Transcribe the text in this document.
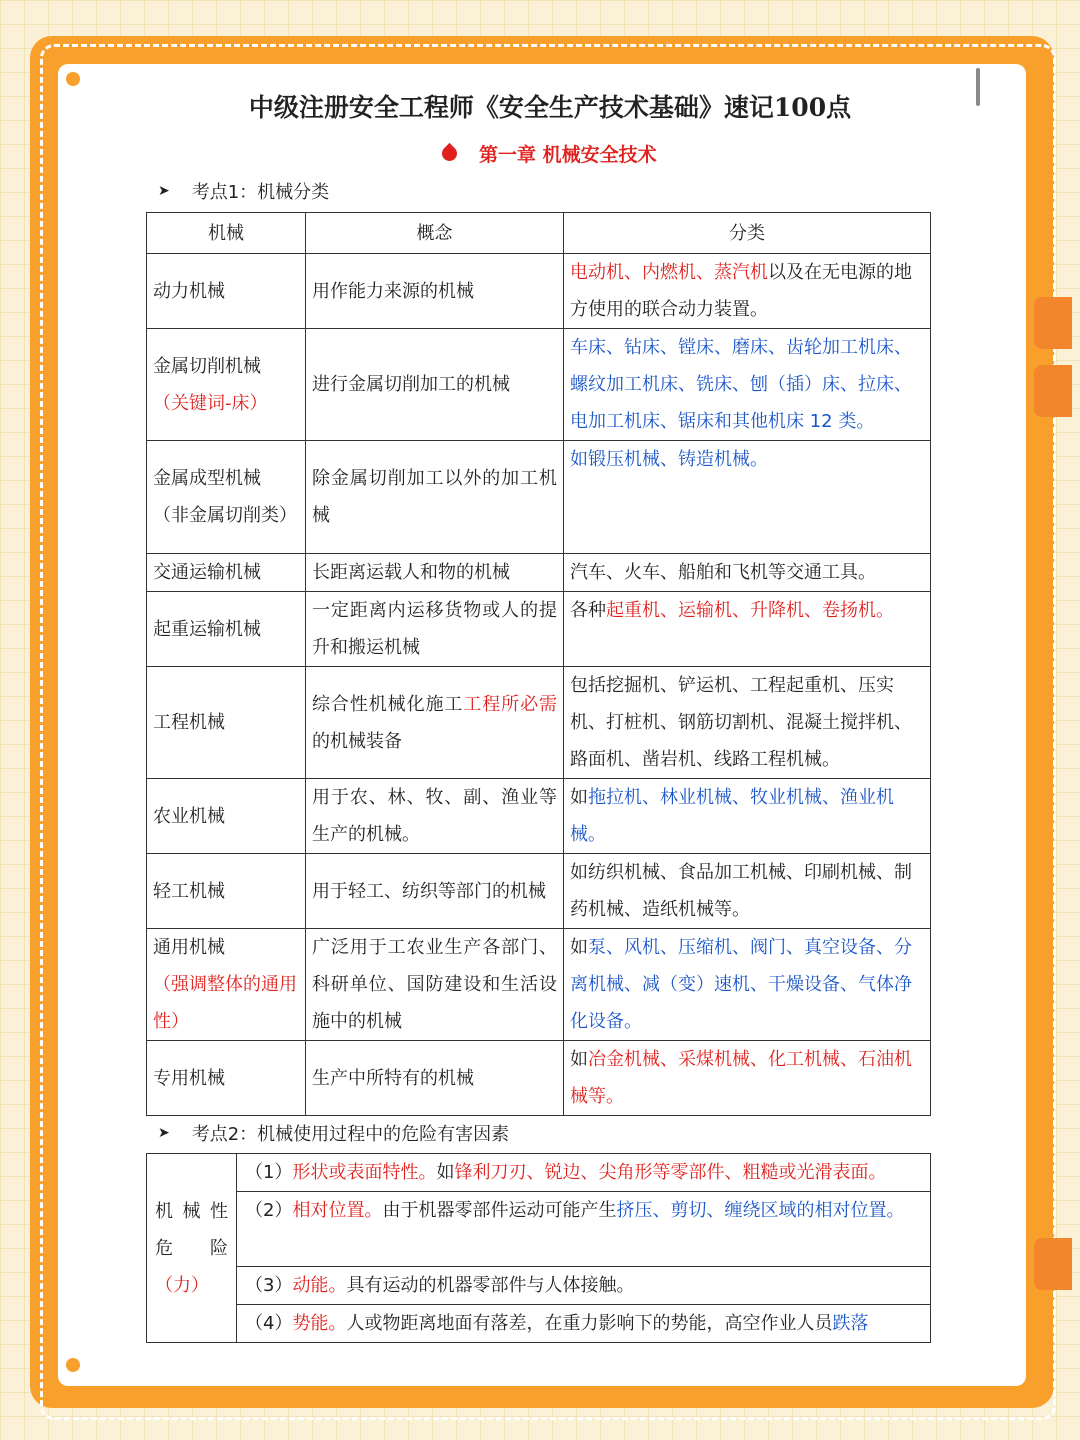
中级注册安全工程师《安全生产技术基础》速记100点
第一章 机械安全技术
➤ 考点1：机械分类
机械	概念	分类

动力机械	用作能力来源的机械	电动机、内燃机、蒸汽机以及在无电源的地方使用的联合动力装置。

金属切削机械
（关键词-床）	进行金属切削加工的机械	车床、钻床、镗床、磨床、齿轮加工机床、螺纹加工机床、铣床、刨（插）床、拉床、电加工机床、锯床和其他机床 12 类。

金属成型机械
（非金属切削类）	除金属切削加工以外的加工机械	如锻压机械、铸造机械。

交通运输机械	长距离运载人和物的机械	汽车、火车、船舶和飞机等交通工具。

起重运输机械	一定距离内运移货物或人的提升和搬运机械	各种起重机、运输机、升降机、卷扬机。

工程机械	综合性机械化施工工程所必需的机械装备	包括挖掘机、铲运机、工程起重机、压实机、打桩机、钢筋切割机、混凝土搅拌机、路面机、凿岩机、线路工程机械。

农业机械	用于农、林、牧、副、渔业等生产的机械。	如拖拉机、林业机械、牧业机械、渔业机械。

轻工机械	用于轻工、纺织等部门的机械	如纺织机械、食品加工机械、印刷机械、制药机械、造纸机械等。

通用机械
（强调整体的通用性）	广泛用于工农业生产各部门、科研单位、国防建设和生活设施中的机械	如泵、风机、压缩机、阀门、真空设备、分离机械、减（变）速机、干燥设备、气体净化设备。

专用机械	生产中所特有的机械	如冶金机械、采煤机械、化工机械、石油机械等。
➤ 考点2：机械使用过程中的危险有害因素
机械性
危险
（力）
	（1）形状或表面特性。如锋利刀刃、锐边、尖角形等零部件、粗糙或光滑表面。
（2）相对位置。由于机器零部件运动可能产生挤压、剪切、缠绕区域的相对位置。
（3）动能。具有运动的机器零部件与人体接触。
（4）势能。人或物距离地面有落差，在重力影响下的势能，高空作业人员跌落
